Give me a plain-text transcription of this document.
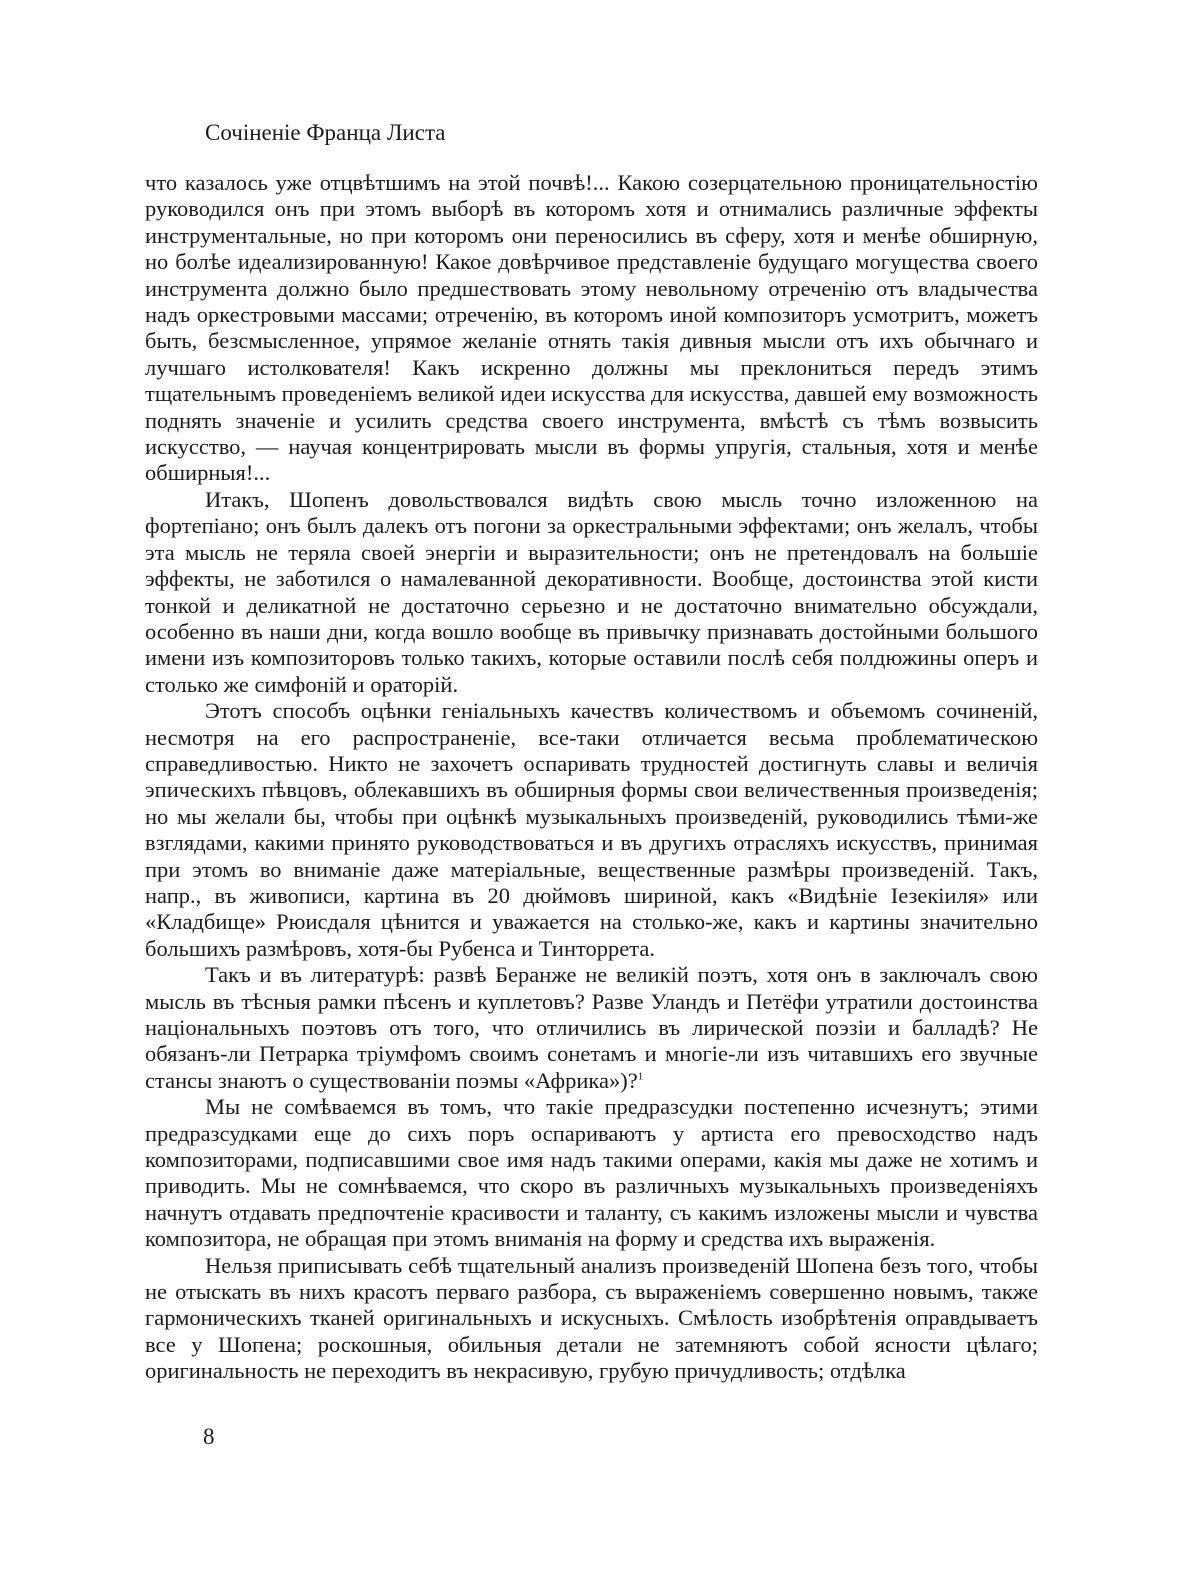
Сочiненie Франца Листа

что казалось уже отцвѣтшимъ на этой почвѣ!... Какою созерцательною проницательностiю руководился онъ при этомъ выборѣ въ которомъ хотя и отнимались различные эффекты инструментальные, но при которомъ они переносились въ сферу, хотя и менѣе обширную, но болѣе идеализированную! Какое довѣрчивое представленiе будущаго могущества своего инструмента должно было предшествовать этому невольному отреченiю отъ владычества надъ оркестровыми массами; отреченiю, въ которомъ иной композиторъ усмотритъ, можетъ быть, безсмысленное, упрямое желанiе отнять такiя дивныя мысли отъ ихъ обычнаго и лучшаго истолкователя! Какъ искренно должны мы преклониться передъ этимъ тщательнымъ проведенiемъ великой идеи искусства для искусства, давшей ему возможность поднять значенiе и усилить средства своего инструмента, вмѣстѣ съ тѣмъ возвысить искусство, — научая концентрировать мысли въ формы упругiя, стальныя, хотя и менѣе обширныя!...

Итакъ, Шопенъ довольствовался видѣть свою мысль точно изложенною на фортепiано; онъ былъ далекъ отъ погони за оркестральными эффектами; онъ желалъ, чтобы эта мысль не теряла своей энергiи и выразительности; онъ не претендовалъ на большiе эффекты, не заботился о намалеванной декоративности. Вообще, достоинства этой кисти тонкой и деликатной не достаточно серьезно и не достаточно внимательно обсуждали, особенно въ наши дни, когда вошло вообще въ привычку признавать достойными большого имени изъ композиторовъ только такихъ, которые оставили послѣ себя полдюжины оперъ и столько же симфонiй и ораторiй.

Этотъ способъ оцѣнки генiальныхъ качествъ количествомъ и объемомъ сочиненiй, несмотря на его распространенiе, все-таки отличается весьма проблематическою справедливостью. Никто не захочетъ оспаривать трудностей достигнуть славы и величiя эпическихъ пѣвцовъ, облекавшихъ въ обширныя формы свои величественныя произведенiя; но мы желали бы, чтобы при оцѣнкѣ музыкальныхъ произведенiй, руководились тѣми-же взглядами, какими принято руководствоваться и въ другихъ отрасляхъ искусствъ, принимая при этомъ во вниманiе даже матерiальные, вещественные размѣры произведенiй. Такъ, напр., въ живописи, картина въ 20 дюймовъ шириной, какъ «Видѣнiе Iезекiиля» или «Кладбище» Рюисдаля цѣнится и уважается на столько-же, какъ и картины значительно большихъ размѣровъ, хотя-бы Рубенса и Тинторрета.

Такъ и въ литературѣ: развѣ Беранже не великiй поэтъ, хотя онъ в заключалъ свою мысль въ тѣсныя рамки пѣсенъ и куплетовъ? Разве Уландъ и Петёфи утратили достоинства нацiональныхъ поэтовъ отъ того, что отличились въ лирической поэзiи и балладѣ? Не обязанъ-ли Петрарка трiумфомъ своимъ сонетамъ и многiе-ли изъ читавшихъ его звучные стансы знаютъ о существованiи поэмы «Африка»)?$^1$

Мы не сомѣваемся въ томъ, что такiе предразсудки постепенно исчезнутъ; этими предразсудками еще до сихъ поръ оспариваютъ у артиста его превосходство надъ композиторами, подписавшими свое имя надъ такими операми, какiя мы даже не хотимъ и приводить. Мы не сомнѣваемся, что скоро въ различныхъ музыкальныхъ произведенiяхъ начнутъ отдавать предпочтенiе красивости и таланту, съ какимъ изложены мысли и чувства композитора, не обращая при этомъ вниманiя на форму и средства ихъ выраженiя.

Нельзя приписывать себѣ тщательный анализъ произведенiй Шопена безъ того, чтобы не отыскать въ нихъ красотъ перваго разбора, съ выраженiемъ совершенно новымъ, также гармоническихъ тканей оригинальныхъ и искусныхъ. Смѣлость изобрѣтенiя оправдываетъ все у Шопена; роскошныя, обильныя детали не затемняютъ собой ясности цѣлаго; оригинальность не переходитъ въ некрасивую, грубую причудливость; отдѣлка

8
